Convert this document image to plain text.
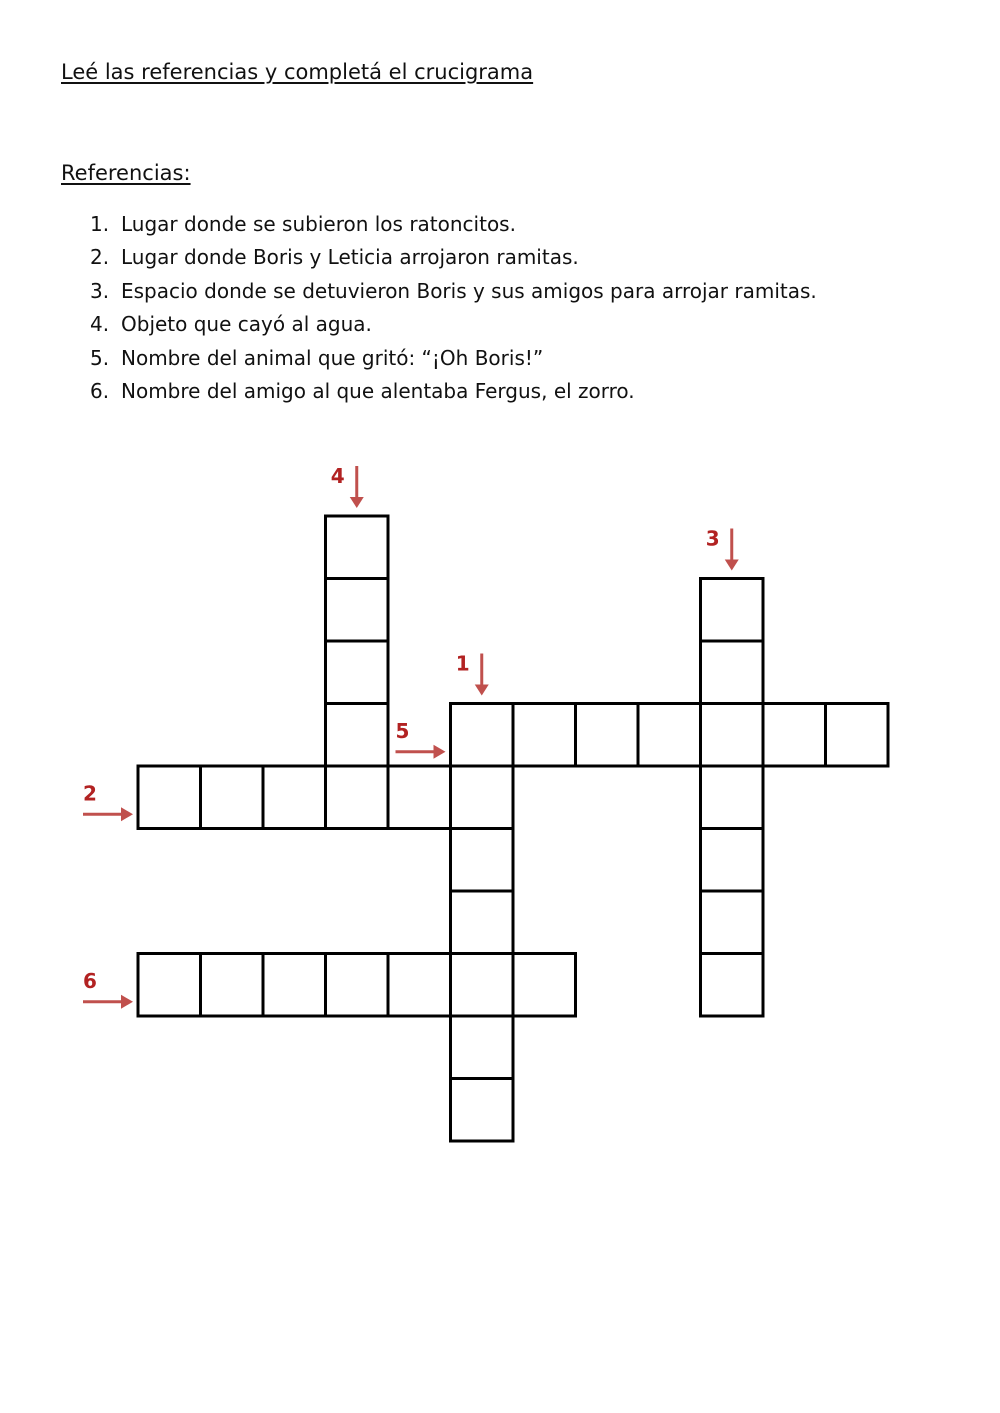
Leé las referencias y completá el crucigrama
Referencias:
1. Lugar donde se subieron los ratoncitos.
2. Lugar donde Boris y Leticia arrojaron ramitas.
3. Espacio donde se detuvieron Boris y sus amigos para arrojar ramitas.
4. Objeto que cayó al agua.
5. Nombre del animal que gritó: “¡Oh Boris!”
6. Nombre del amigo al que alentaba Fergus, el zorro.
1
2
3
4
5
6
